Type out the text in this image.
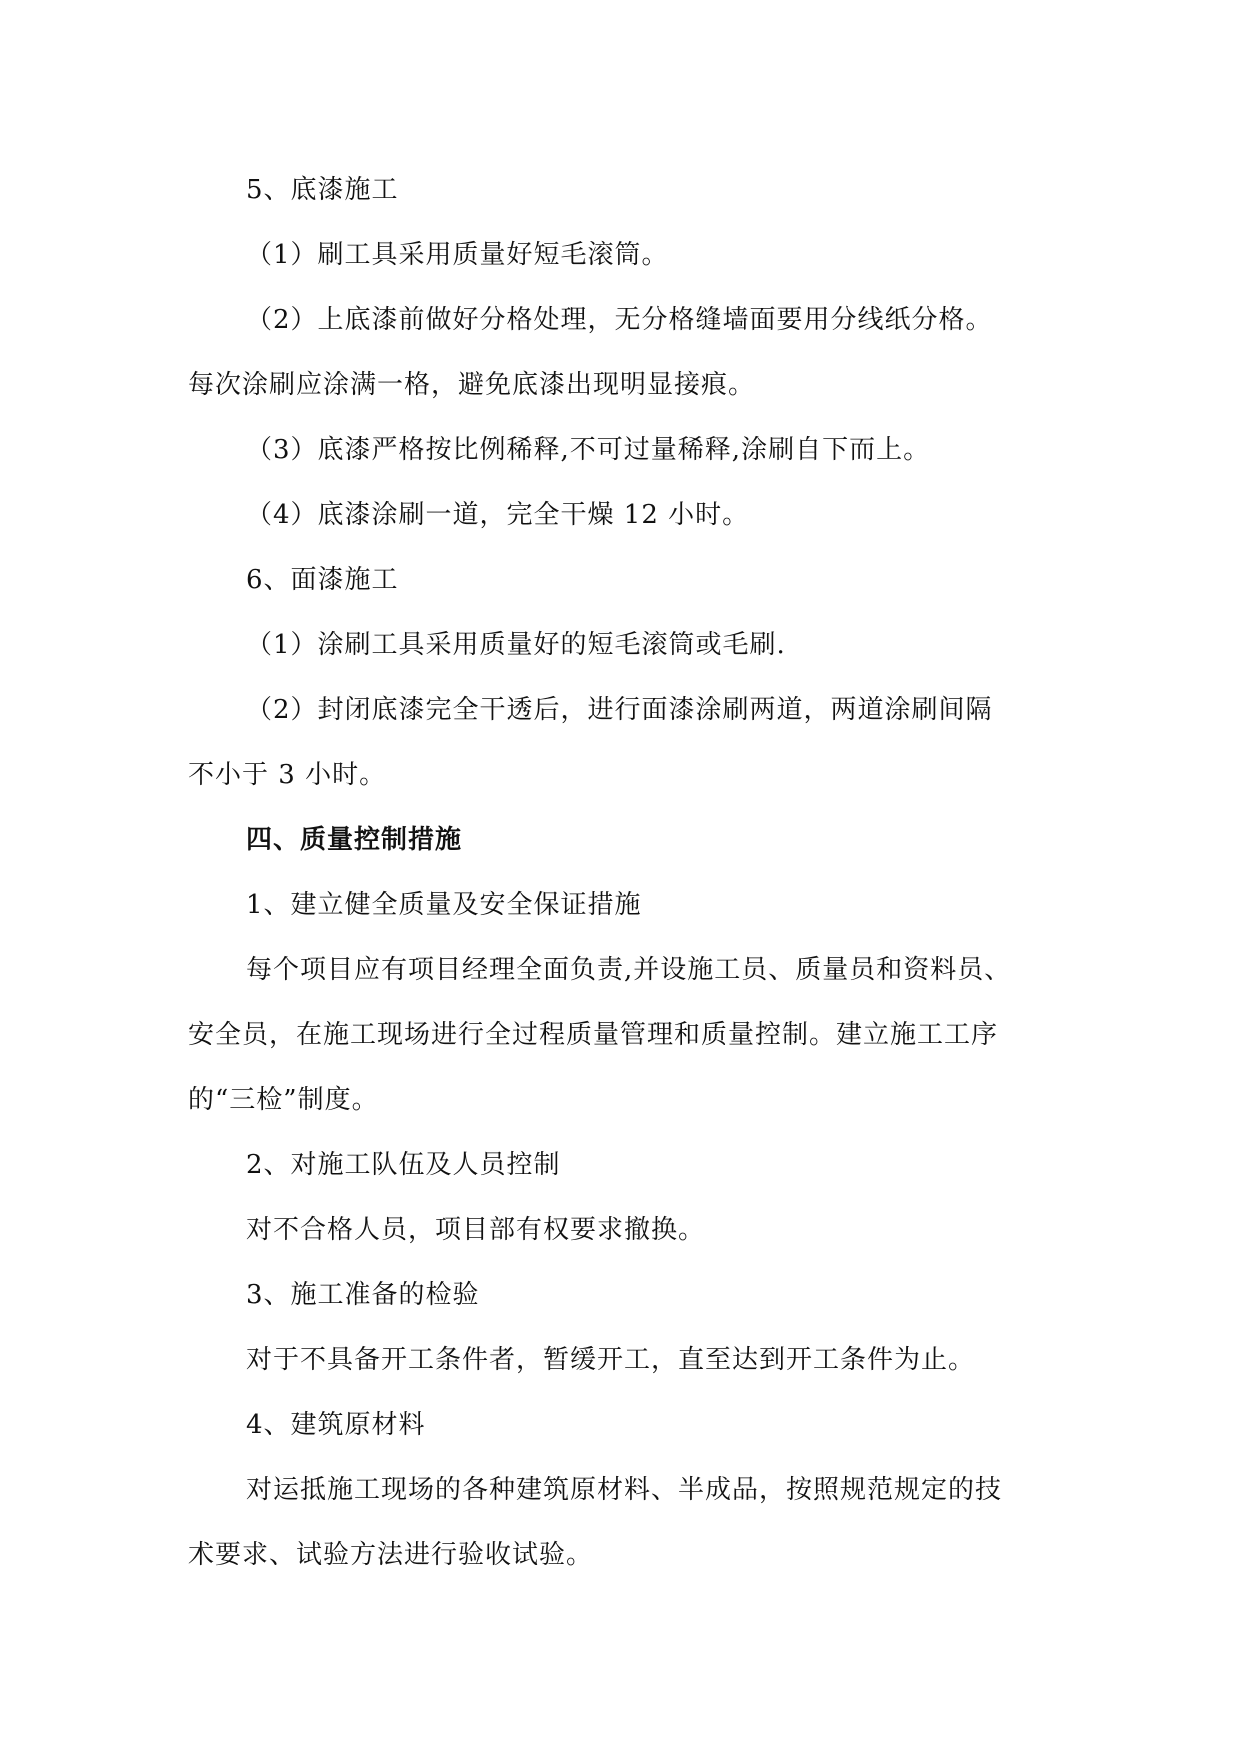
5、底漆施工
（1）刷工具采用质量好短毛滚筒。
（2）上底漆前做好分格处理，无分格缝墙面要用分线纸分格。
每次涂刷应涂满一格，避免底漆出现明显接痕。
（3）底漆严格按比例稀释,不可过量稀释,涂刷自下而上。
（4）底漆涂刷一道，完全干燥 12 小时。
6、面漆施工
（1）涂刷工具采用质量好的短毛滚筒或毛刷.
（2）封闭底漆完全干透后，进行面漆涂刷两道，两道涂刷间隔
不小于 3 小时。
四、质量控制措施
1、建立健全质量及安全保证措施
每个项目应有项目经理全面负责,并设施工员、质量员和资料员、
安全员，在施工现场进行全过程质量管理和质量控制。建立施工工序
的“三检”制度。
2、对施工队伍及人员控制
对不合格人员，项目部有权要求撤换。
3、施工准备的检验
对于不具备开工条件者，暂缓开工，直至达到开工条件为止。
4、建筑原材料
对运抵施工现场的各种建筑原材料、半成品，按照规范规定的技
术要求、试验方法进行验收试验。
